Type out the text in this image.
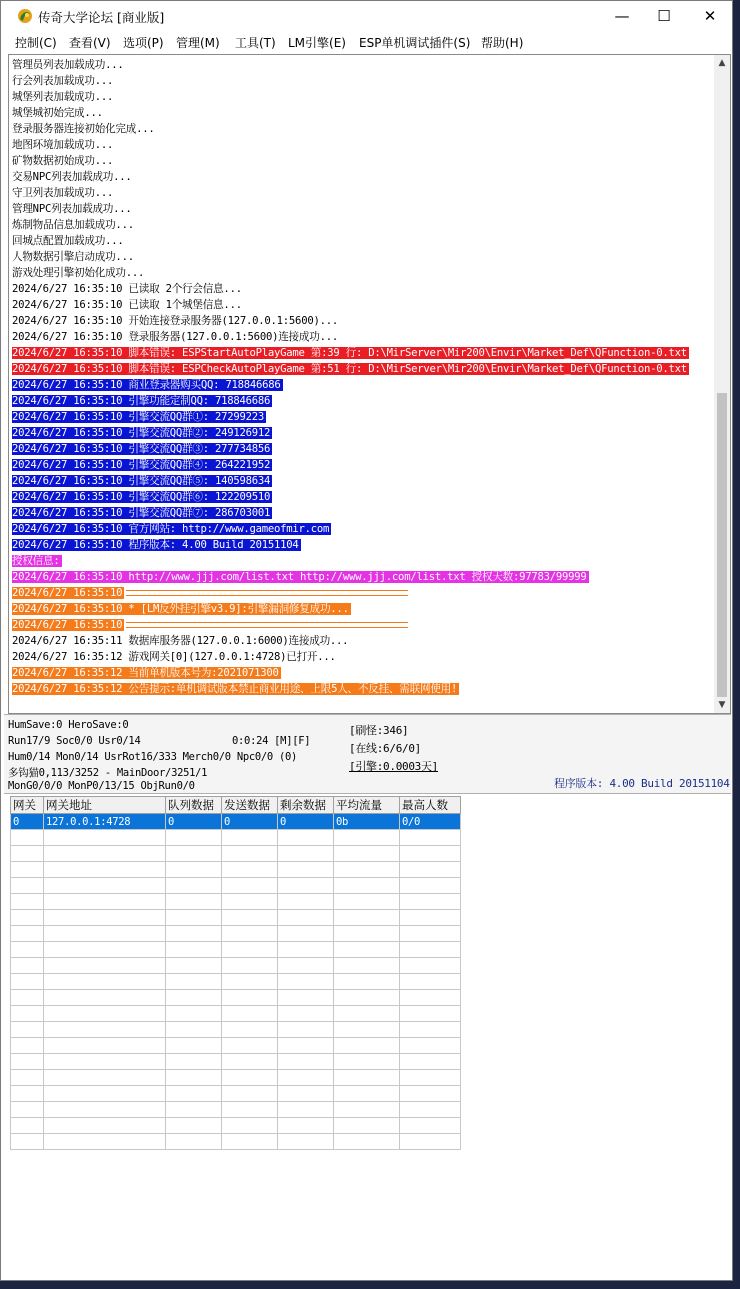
传奇大学论坛 [商业版]	—	☐	✕
控制(C) 查看(V) 选项(P) 管理(M) 工具(T) LM引擎(E) ESP单机调试插件(S) 帮助(H)
管理员列表加载成功...
行会列表加载成功...
城堡列表加载成功...
城堡城初始完成...
登录服务器连接初始化完成...
地图环境加载成功...
矿物数据初始成功...
交易NPC列表加载成功...
守卫列表加载成功...
管理NPC列表加载成功...
炼制物品信息加载成功...
回城点配置加载成功...
人物数据引擎启动成功...
游戏处理引擎初始化成功...
2024/6/27 16:35:10 已读取 2个行会信息...
2024/6/27 16:35:10 已读取 1个城堡信息...
2024/6/27 16:35:10 开始连接登录服务器(127.0.0.1:5600)...
2024/6/27 16:35:10 登录服务器(127.0.0.1:5600)连接成功...
2024/6/27 16:35:10 脚本错误: ESPStartAutoPlayGame 第:39 行: D:\MirServer\Mir200\Envir\Market_Def\QFunction-0.txt
2024/6/27 16:35:10 脚本错误: ESPCheckAutoPlayGame 第:51 行: D:\MirServer\Mir200\Envir\Market_Def\QFunction-0.txt
2024/6/27 16:35:10 商业登录器购买QQ: 718846686
2024/6/27 16:35:10 引擎功能定制QQ: 718846686
2024/6/27 16:35:10 引擎交流QQ群①: 27299223
2024/6/27 16:35:10 引擎交流QQ群②: 249126912
2024/6/27 16:35:10 引擎交流QQ群③: 277734856
2024/6/27 16:35:10 引擎交流QQ群④: 264221952
2024/6/27 16:35:10 引擎交流QQ群⑤: 140598634
2024/6/27 16:35:10 引擎交流QQ群⑥: 122209510
2024/6/27 16:35:10 引擎交流QQ群⑦: 286703001
2024/6/27 16:35:10 官方网站: http://www.gameofmir.com
2024/6/27 16:35:10 程序版本: 4.00 Build 20151104
授权信息:
2024/6/27 16:35:10 http://www.jjj.com/list.txt http://www.jjj.com/list.txt 授权天数:97783/99999
2024/6/27 16:35:10
2024/6/27 16:35:10 * [LM反外挂引擎v3.9]:引擎漏洞修复成功...
2024/6/27 16:35:10
2024/6/27 16:35:11 数据库服务器(127.0.0.1:6000)连接成功...
2024/6/27 16:35:12 游戏网关[0](127.0.0.1:4728)已打开...
2024/6/27 16:35:12 当前单机版本号为:2021071300
2024/6/27 16:35:12 公告提示:单机调试版本禁止商业用途、上限5人、不反挂、需联网使用!
▲
▼
HumSave:0 HeroSave:0
Run17/9 Soc0/0 Usr0/14	0:0:24 [M][F]
Hum0/14 Mon0/14 UsrRot16/333 Merch0/0 Npc0/0 (0)
多钩猫0,113/3252 - MainDoor/3251/1
MonG0/0/0 MonP0/13/15 ObjRun0/0
[刷怪:346]
[在线:6/6/0]
[引擎:0.0003天]
程序版本: 4.00 Build 20151104
网关	网关地址	队列数据	发送数据	剩余数据	平均流量	最高人数
0	127.0.0.1:4728	0	0	0	0b	0/0
